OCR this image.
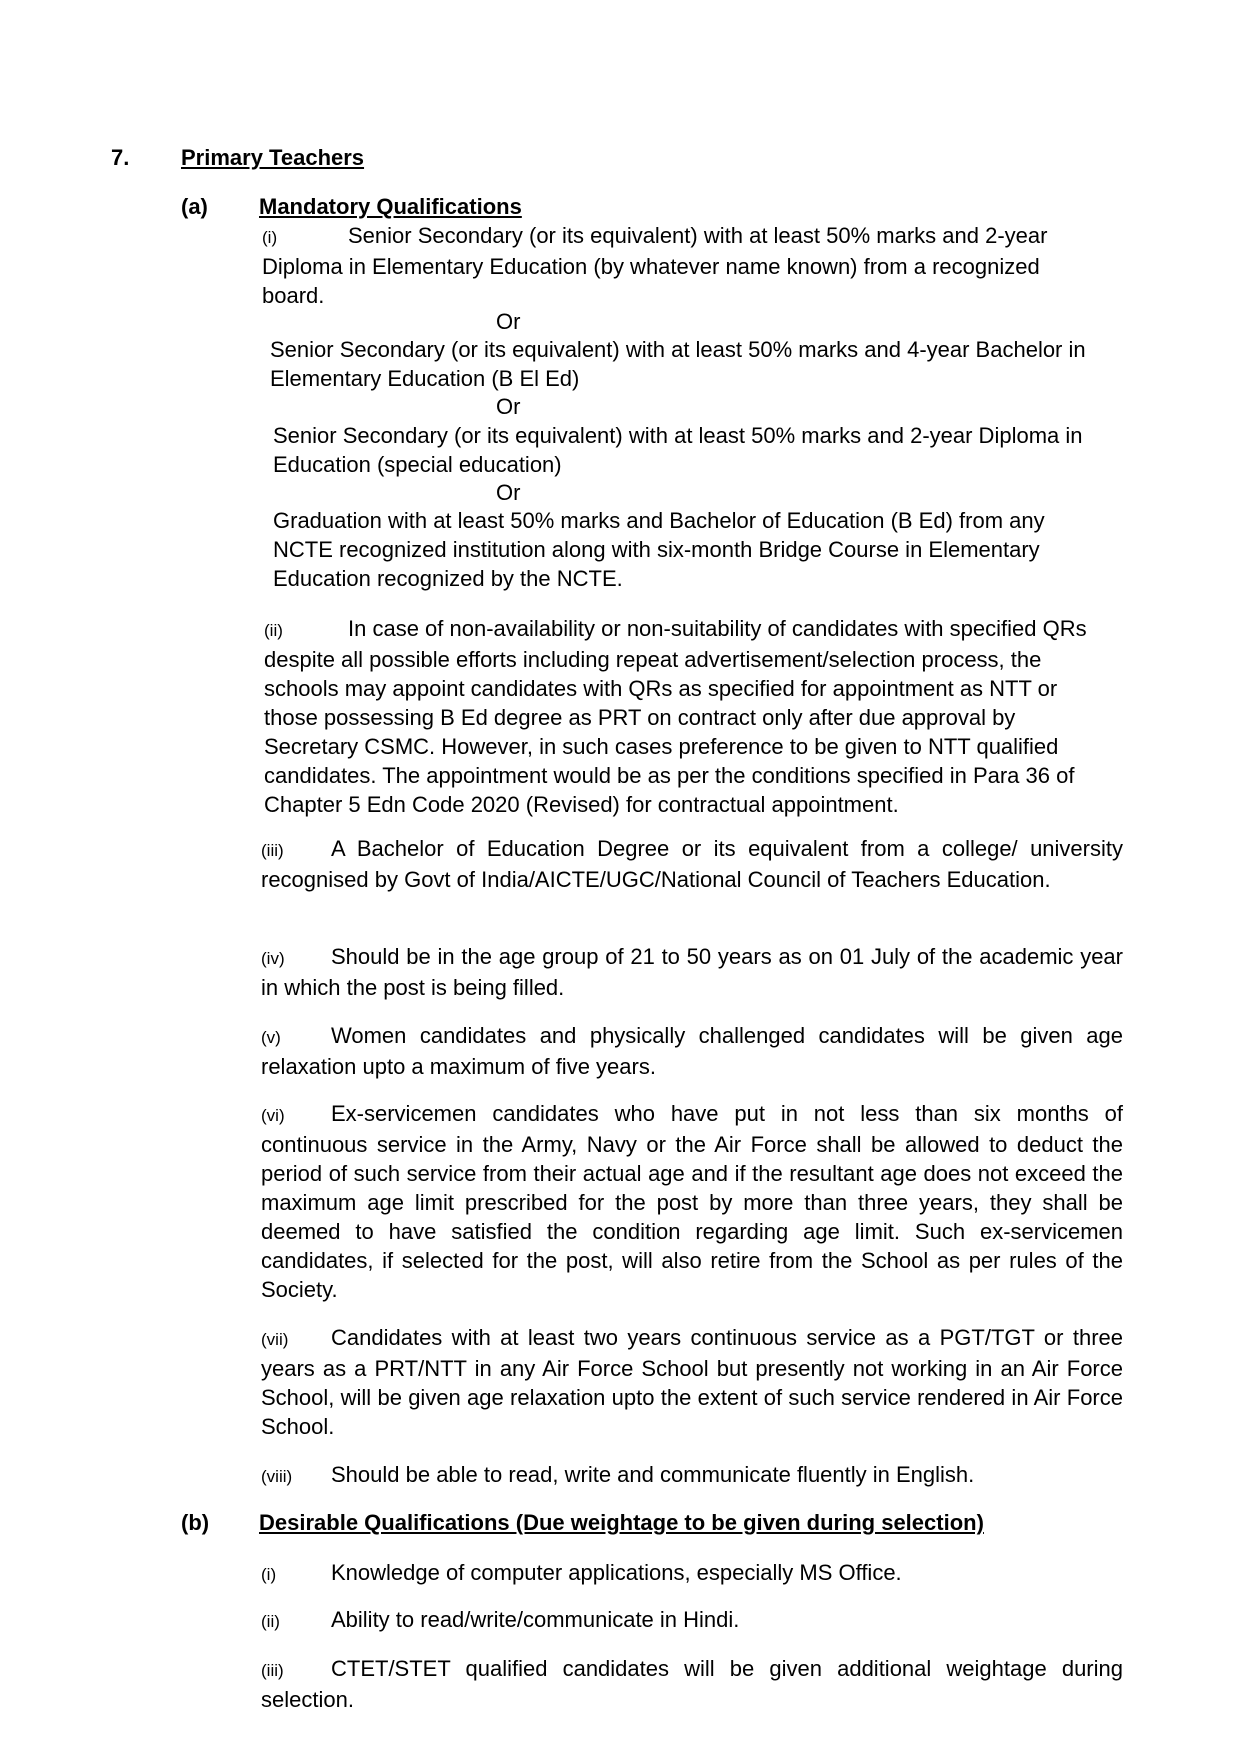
7. Primary Teachers
(a) Mandatory Qualifications
(i)	Senior Secondary (or its equivalent) with at least 50% marks and 2-year
Diploma in Elementary Education (by whatever name known) from a recognized
board.
Or
Senior Secondary (or its equivalent) with at least 50% marks and 4-year Bachelor in
Elementary Education (B El Ed)
Or
Senior Secondary (or its equivalent) with at least 50% marks and 2-year Diploma in
Education (special education)
Or
Graduation with at least 50% marks and Bachelor of Education (B Ed) from any
NCTE recognized institution along with six-month Bridge Course in Elementary
Education recognized by the NCTE.
(ii)	In case of non-availability or non-suitability of candidates with specified QRs
despite all possible efforts including repeat advertisement/selection process, the
schools may appoint candidates with QRs as specified for appointment as NTT or
those possessing B Ed degree as PRT on contract only after due approval by
Secretary CSMC. However, in such cases preference to be given to NTT qualified
candidates. The appointment would be as per the conditions specified in Para 36 of
Chapter 5 Edn Code 2020 (Revised) for contractual appointment.

(iii) A Bachelor of Education Degree or its equivalent from a college/ university recognised by Govt of India/AICTE/UGC/National Council of Teachers Education.

(iv) Should be in the age group of 21 to 50 years as on 01 July of the academic year in which the post is being filled.

(v) Women candidates and physically challenged candidates will be given age relaxation upto a maximum of five years.

(vi) Ex-servicemen candidates who have put in not less than six months of continuous service in the Army, Navy or the Air Force shall be allowed to deduct the period of such service from their actual age and if the resultant age does not exceed the maximum age limit prescribed for the post by more than three years, they shall be deemed to have satisfied the condition regarding age limit. Such ex-servicemen candidates, if selected for the post, will also retire from the School as per rules of the Society.

(vii) Candidates with at least two years continuous service as a PGT/TGT or three years as a PRT/NTT in any Air Force School but presently not working in an Air Force School, will be given age relaxation upto the extent of such service rendered in Air Force School.

(viii) Should be able to read, write and communicate fluently in English.

(b) Desirable Qualifications (Due weightage to be given during selection)

(i) Knowledge of computer applications, especially MS Office.

(ii) Ability to read/write/communicate in Hindi.

(iii) CTET/STET qualified candidates will be given additional weightage during selection.
